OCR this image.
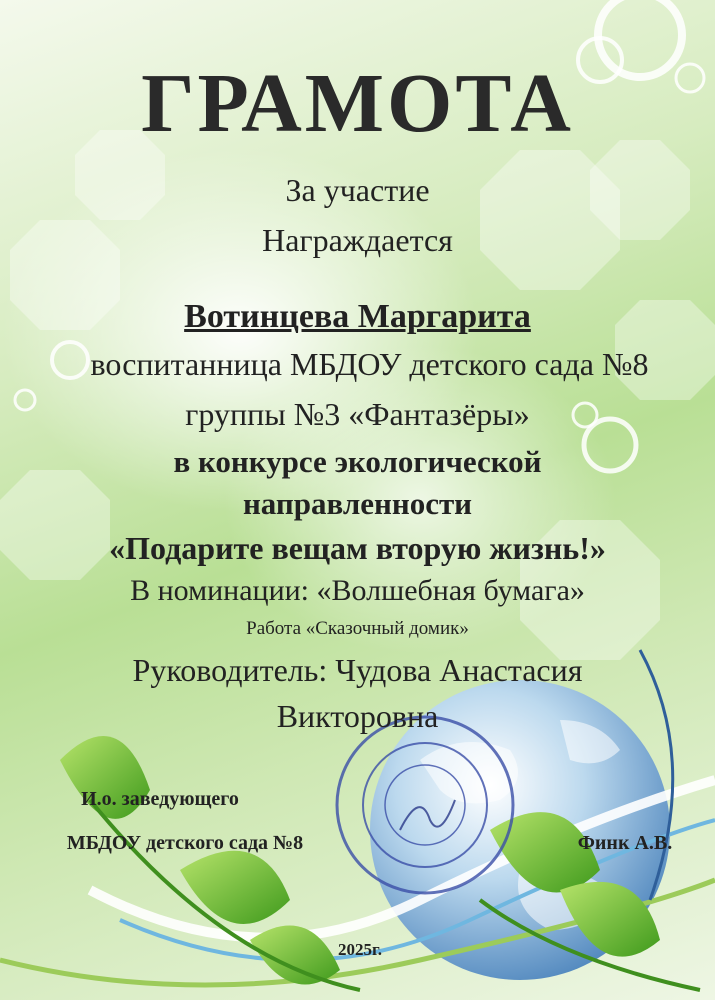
ГРАМОТА
За участие
Награждается
Вотинцева Маргарита
воспитанница МБДОУ детского сада №8
группы №3 «Фантазёры»
в конкурсе экологической
направленности
«Подарите вещам вторую жизнь!»
В номинации: «Волшебная бумага»
Работа «Сказочный домик»
Руководитель: Чудова Анастасия
Викторовна
И.о. заведующего
МБДОУ детского сада №8	Финк А.В.
2025г.
